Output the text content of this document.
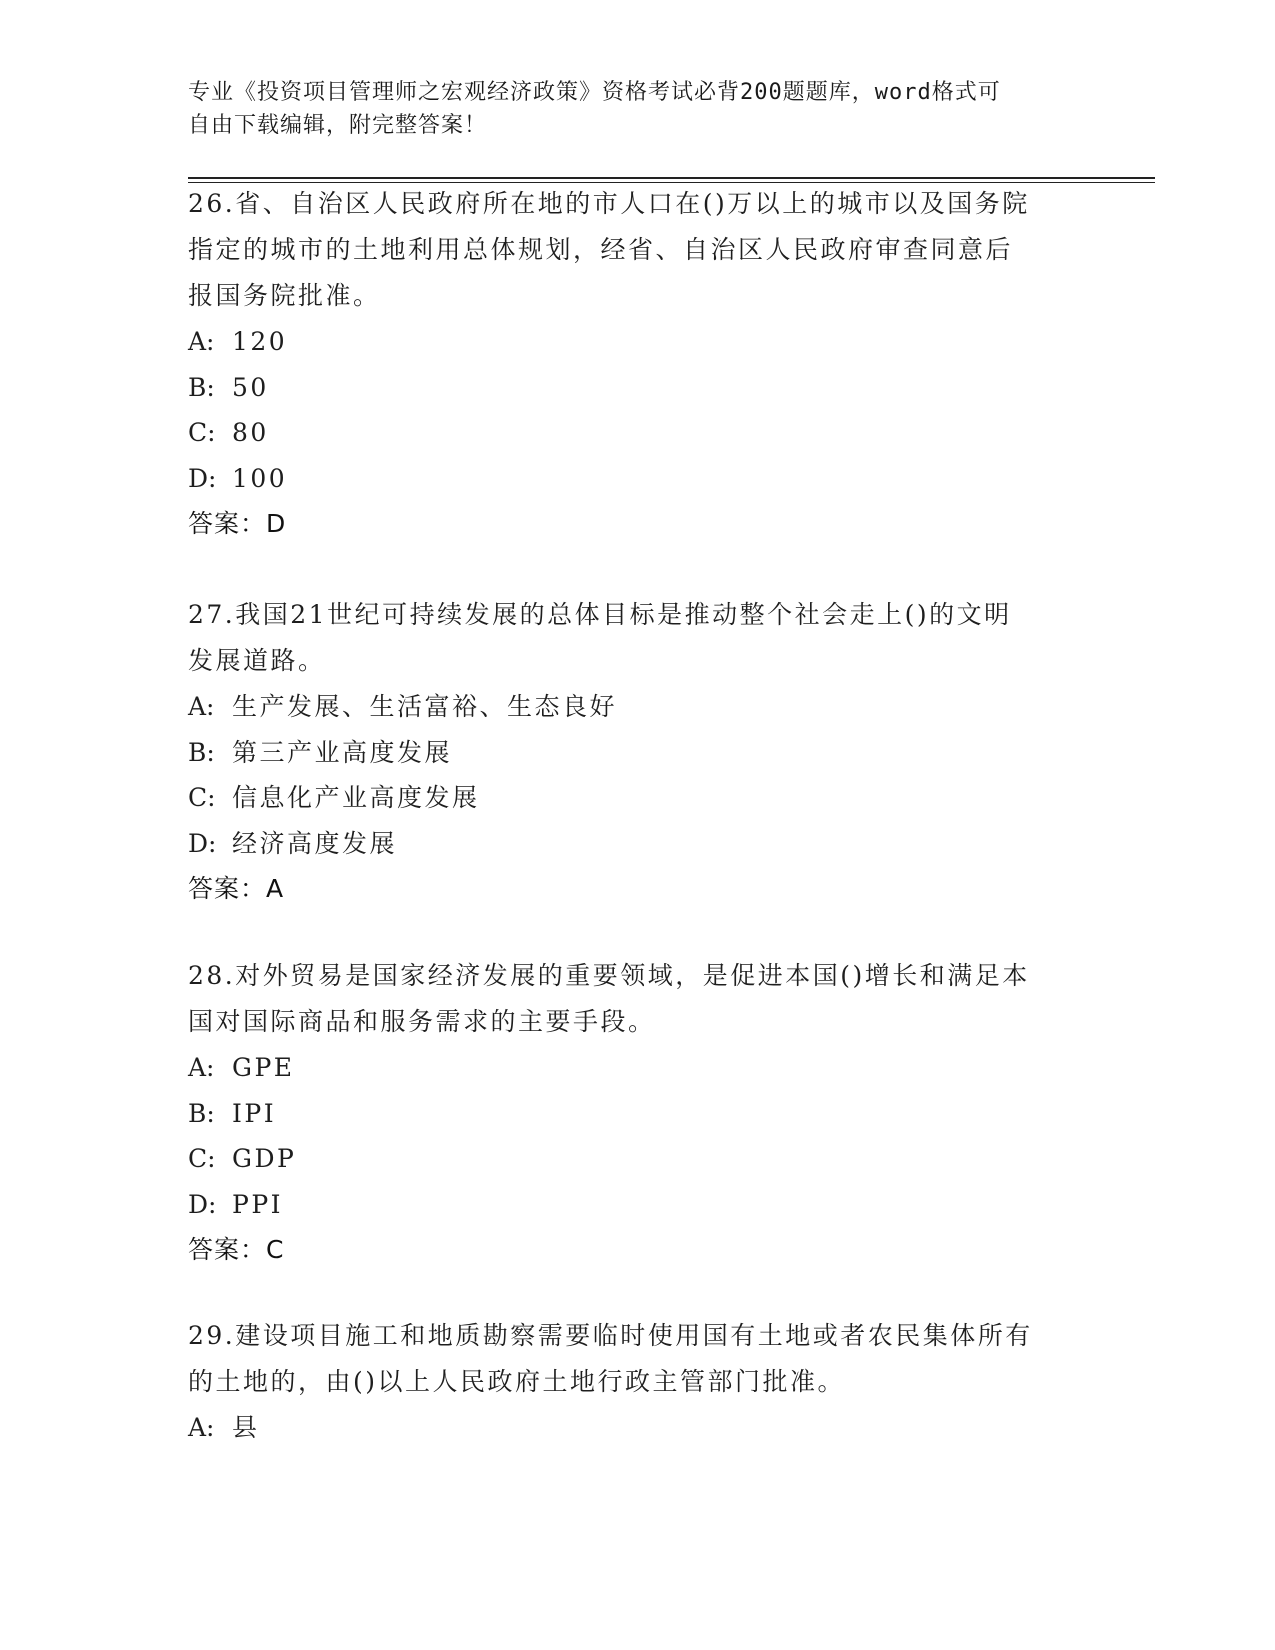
专业《投资项目管理师之宏观经济政策》资格考试必背200题题库，word格式可
自由下载编辑，附完整答案！
26.省、自治区人民政府所在地的市人口在()万以上的城市以及国务院
指定的城市的土地利用总体规划，经省、自治区人民政府审查同意后
报国务院批准。
A: 120
B: 50
C: 80
D: 100
答案：D
27.我国21世纪可持续发展的总体目标是推动整个社会走上()的文明
发展道路。
A: 生产发展、生活富裕、生态良好
B: 第三产业高度发展
C: 信息化产业高度发展
D: 经济高度发展
答案：A
28.对外贸易是国家经济发展的重要领域，是促进本国()增长和满足本
国对国际商品和服务需求的主要手段。
A: GPE
B: IPI
C: GDP
D: PPI
答案：C
29.建设项目施工和地质勘察需要临时使用国有土地或者农民集体所有
的土地的，由()以上人民政府土地行政主管部门批准。
A: 县
